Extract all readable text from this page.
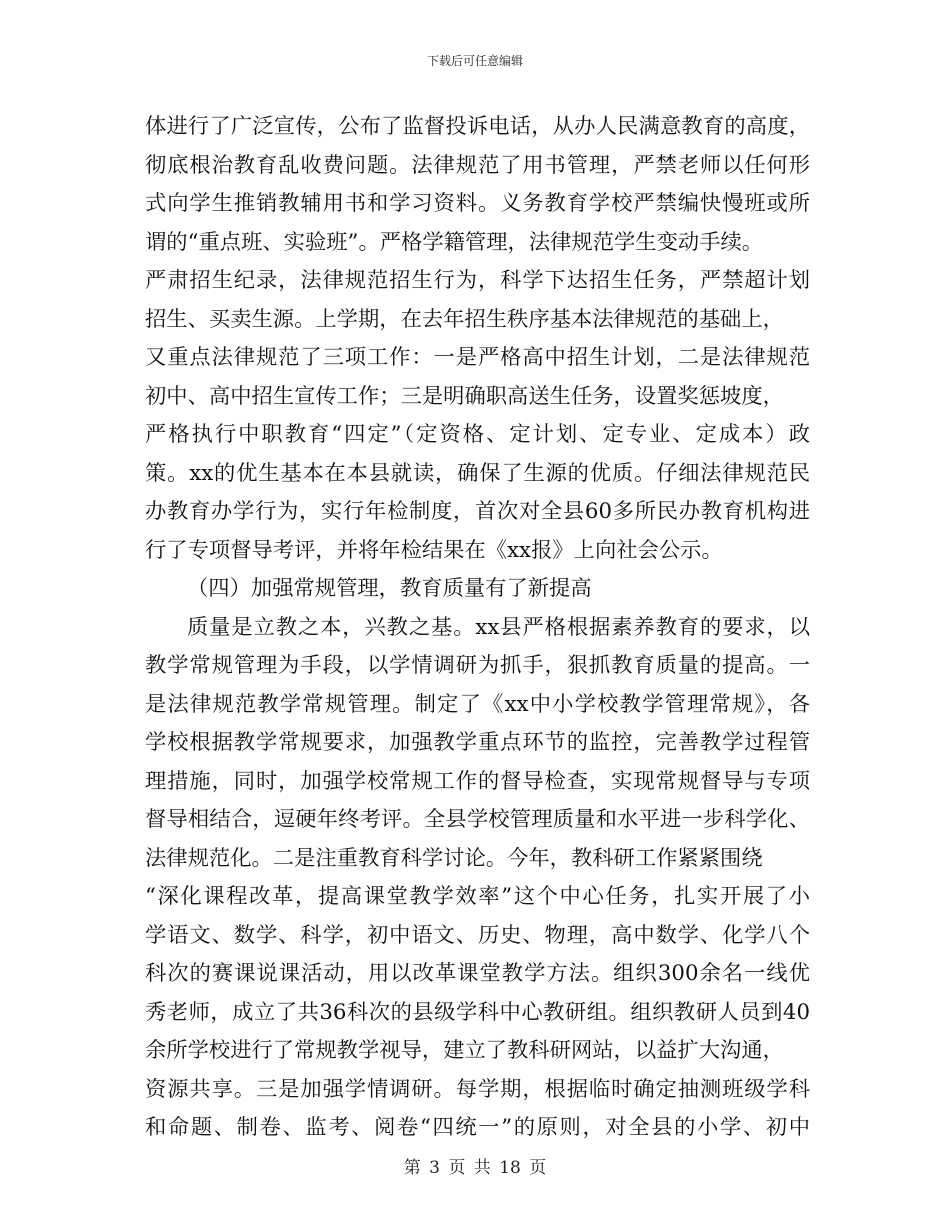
下载后可任意编辑
体进行了广泛宣传，公布了监督投诉电话，从办人民满意教育的高度，
彻底根治教育乱收费问题。法律规范了用书管理，严禁老师以任何形
式向学生推销教辅用书和学习资料。义务教育学校严禁编快慢班或所
谓的“重点班、实验班”。严格学籍管理，法律规范学生变动手续。
严肃招生纪录，法律规范招生行为，科学下达招生任务，严禁超计划
招生、买卖生源。上学期，在去年招生秩序基本法律规范的基础上，
又重点法律规范了三项工作：一是严格高中招生计划，二是法律规范
初中、高中招生宣传工作；三是明确职高送生任务，设置奖惩坡度，
严格执行中职教育“四定”（定资格、定计划、定专业、定成本）政
策。xx的优生基本在本县就读，确保了生源的优质。仔细法律规范民
办教育办学行为，实行年检制度，首次对全县60多所民办教育机构进
行了专项督导考评，并将年检结果在《xx报》上向社会公示。
（四）加强常规管理，教育质量有了新提高
质量是立教之本，兴教之基。xx县严格根据素养教育的要求，以
教学常规管理为手段，以学情调研为抓手，狠抓教育质量的提高。一
是法律规范教学常规管理。制定了《xx中小学校教学管理常规》，各
学校根据教学常规要求，加强教学重点环节的监控，完善教学过程管
理措施，同时，加强学校常规工作的督导检查，实现常规督导与专项
督导相结合，逗硬年终考评。全县学校管理质量和水平进一步科学化、
法律规范化。二是注重教育科学讨论。今年，教科研工作紧紧围绕
“深化课程改革，提高课堂教学效率”这个中心任务，扎实开展了小
学语文、数学、科学，初中语文、历史、物理，高中数学、化学八个
科次的赛课说课活动，用以改革课堂教学方法。组织300余名一线优
秀老师，成立了共36科次的县级学科中心教研组。组织教研人员到40
余所学校进行了常规教学视导，建立了教科研网站，以益扩大沟通，
资源共享。三是加强学情调研。每学期，根据临时确定抽测班级学科
和命题、制卷、监考、阅卷“四统一”的原则，对全县的小学、初中
第 3 页 共 18 页
